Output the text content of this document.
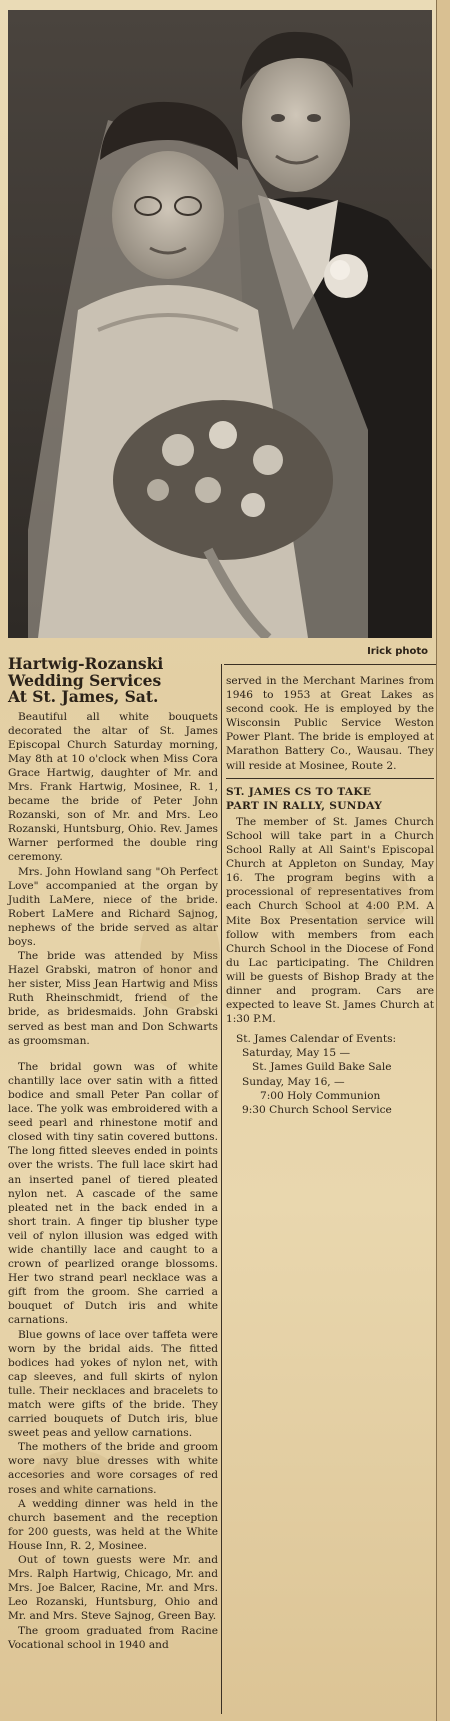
Irick photo
Hartwig-Rozanski
Wedding Services
At St. James, Sat.

Beautiful all white bouquets decorated the altar of St. James Episcopal Church Saturday morning, May 8th at 10 o'clock when Miss Cora Grace Hartwig, daughter of Mr. and Mrs. Frank Hartwig, Mosinee, R. 1, became the bride of Peter John Rozanski, son of Mr. and Mrs. Leo Rozanski, Huntsburg, Ohio. Rev. James Warner performed the double ring ceremony.

Mrs. John Howland sang "Oh Perfect Love" accompanied at the organ by Judith LaMere, niece of the bride. Robert LaMere and Richard Sajnog, nephews of the bride served as altar boys.

The bride was attended by Miss Hazel Grabski, matron of honor and her sister, Miss Jean Hartwig and Miss Ruth Rheinschmidt, friend of the bride, as bridesmaids. John Grabski served as best man and Don Schwarts as groomsman.

The bridal gown was of white chantilly lace over satin with a fitted bodice and small Peter Pan collar of lace. The yolk was embroidered with a seed pearl and rhinestone motif and closed with tiny satin covered buttons. The long fitted sleeves ended in points over the wrists. The full lace skirt had an inserted panel of tiered pleated nylon net. A cascade of the same pleated net in the back ended in a short train. A finger tip blusher type veil of nylon illusion was edged with wide chantilly lace and caught to a crown of pearlized orange blossoms. Her two strand pearl necklace was a gift from the groom. She carried a bouquet of Dutch iris and white carnations.

Blue gowns of lace over taffeta were worn by the bridal aids. The fitted bodices had yokes of nylon net, with cap sleeves, and full skirts of nylon tulle. Their necklaces and bracelets to match were gifts of the bride. They carried bouquets of Dutch iris, blue sweet peas and yellow carnations.

The mothers of the bride and groom wore navy blue dresses with white accesories and wore corsages of red roses and white carnations.

A wedding dinner was held in the church basement and the reception for 200 guests, was held at the White House Inn, R. 2, Mosinee.

Out of town guests were Mr. and Mrs. Ralph Hartwig, Chicago, Mr. and Mrs. Joe Balcer, Racine, Mr. and Mrs. Leo Rozanski, Huntsburg, Ohio and Mr. and Mrs. Steve Sajnog, Green Bay.

The groom graduated from Racine Vocational school in 1940 and

served in the Merchant Marines from 1946 to 1953 at Great Lakes as second cook. He is employed by the Wisconsin Public Service Weston Power Plant. The bride is employed at Marathon Battery Co., Wausau. They will reside at Mosinee, Route 2.

ST. JAMES CS TO TAKE
PART IN RALLY, SUNDAY

The member of St. James Church School will take part in a Church School Rally at All Saint's Episcopal Church at Appleton on Sunday, May 16. The program begins with a processional of representatives from each Church School at 4:00 P.M. A Mite Box Presentation service will follow with members from each Church School in the Diocese of Fond du Lac participating. The Children will be guests of Bishop Brady at the dinner and program. Cars are expected to leave St. James Church at 1:30 P.M.

St. James Calendar of Events:

Saturday, May 15 —

St. James Guild Bake Sale

Sunday, May 16, —

7:00 Holy Communion

9:30 Church School Service
